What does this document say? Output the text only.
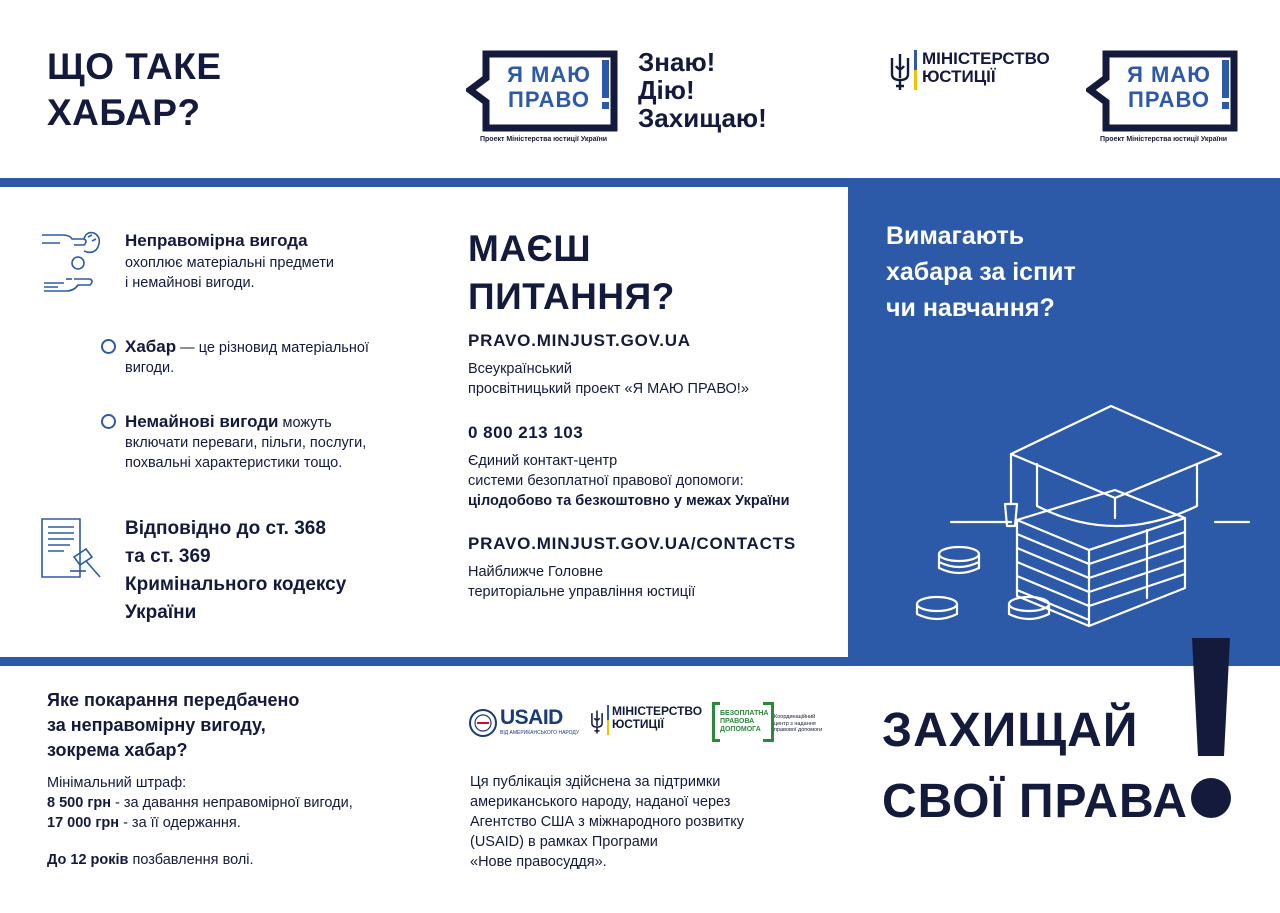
ЩО ТАКЕ
ХАБАР?
Я МАЮ
ПРАВО
Проект Міністерства юстиції України
Знаю!
Дію!
Захищаю!
МІНІСТЕРСТВО
ЮСТИЦІЇ	Я МАЮ
ПРАВО
Проект Міністерства юстиції України
Неправомірна вигода
охоплює матеріальні предмети
і немайнові вигоди.
Хабар — це різновид матеріальної
вигоди.
Немайнові вигоди можуть
включати переваги, пільги, послуги,
похвальні характеристики тощо.
Відповідно до ст. 368
та ст. 369
Кримінального кодексу
України
МАЄШ
ПИТАННЯ?
PRAVO.MINJUST.GOV.UA
Всеукраїнський
просвітницький проект «Я МАЮ ПРАВО!»
0 800 213 103
Єдиний контакт-центр
системи безоплатної правової допомоги:
цілодобово та безкоштовно у межах України
PRAVO.MINJUST.GOV.UA/CONTACTS
Найближче Головне
територіальне управління юстиції
Вимагають
хабара за іспит
чи навчання?
Яке покарання передбачено
за неправомірну вигоду,
зокрема хабар?
Мінімальний штраф:
8 500 грн - за давання неправомірної вигоди,
17 000 грн - за її одержання.
До 12 років позбавлення волі.
USAID
ВІД АМЕРИКАНСЬКОГО НАРОДУ
МІНІСТЕРСТВО
ЮСТИЦІЇ
БЕЗОПЛАТНА
ПРАВОВА
ДОПОМОГА
Координаційний
центр з надання
правової допомоги
Ця публікація здійснена за підтримки
американського народу, наданої через
Агентство США з міжнародного розвитку
(USAID) в рамках Програми
«Нове правосуддя».
ЗАХИЩАЙ
СВОЇ ПРАВА
